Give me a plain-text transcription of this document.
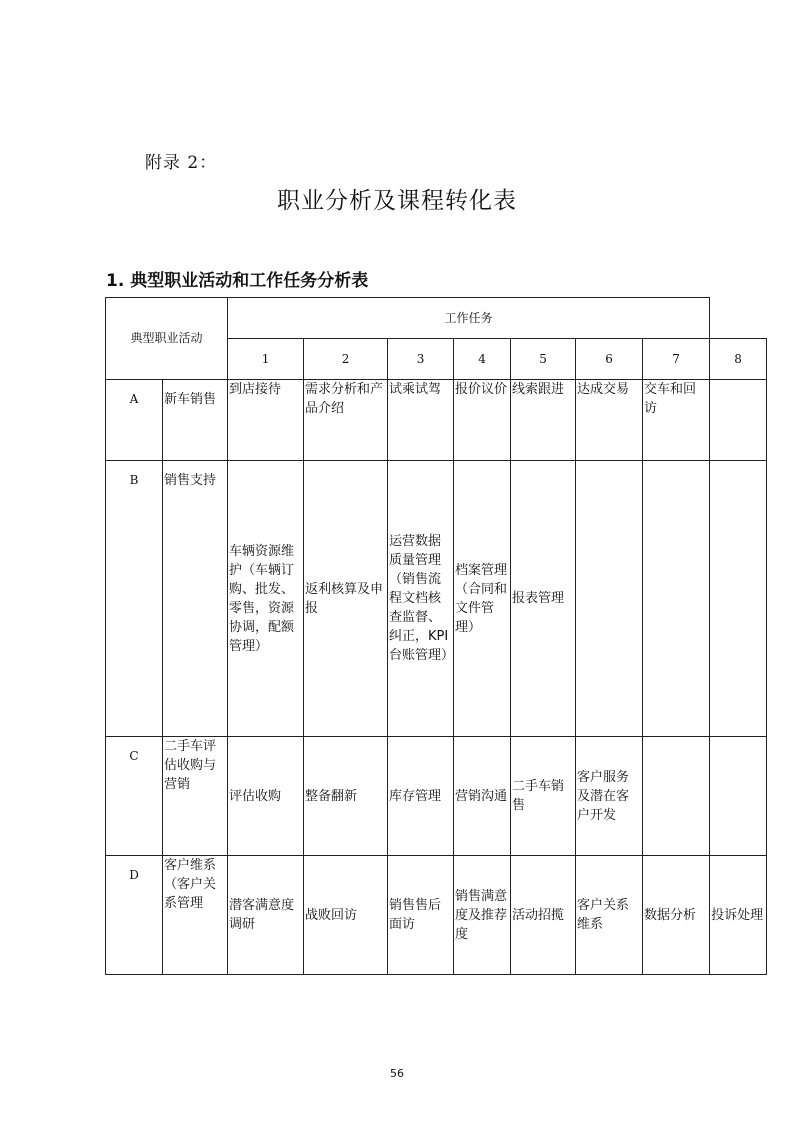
附录 2：
职业分析及课程转化表
1. 典型职业活动和工作任务分析表
典型职业活动		工作任务							
		1	2	3	4	5	6	7	8
A	新车销售	到店接待	需求分析和产品介绍	试乘试驾	报价议价	线索跟进	达成交易	交车和回访	
B	销售支持	车辆资源维护（车辆订购、批发、零售，资源协调，配额管理）	返利核算及申报	运营数据质量管理（销售流程文档核查监督、纠正，KPI台账管理）	档案管理（合同和文件管理）	报表管理			
C	二手车评估收购与营销	评估收购	整备翻新	库存管理	营销沟通	二手车销售	客户服务及潜在客户开发		
D	客户维系（客户关系管理	潜客满意度调研	战败回访	销售售后面访	销售满意度及推荐度	活动招揽	客户关系维系	数据分析	投诉处理
56
